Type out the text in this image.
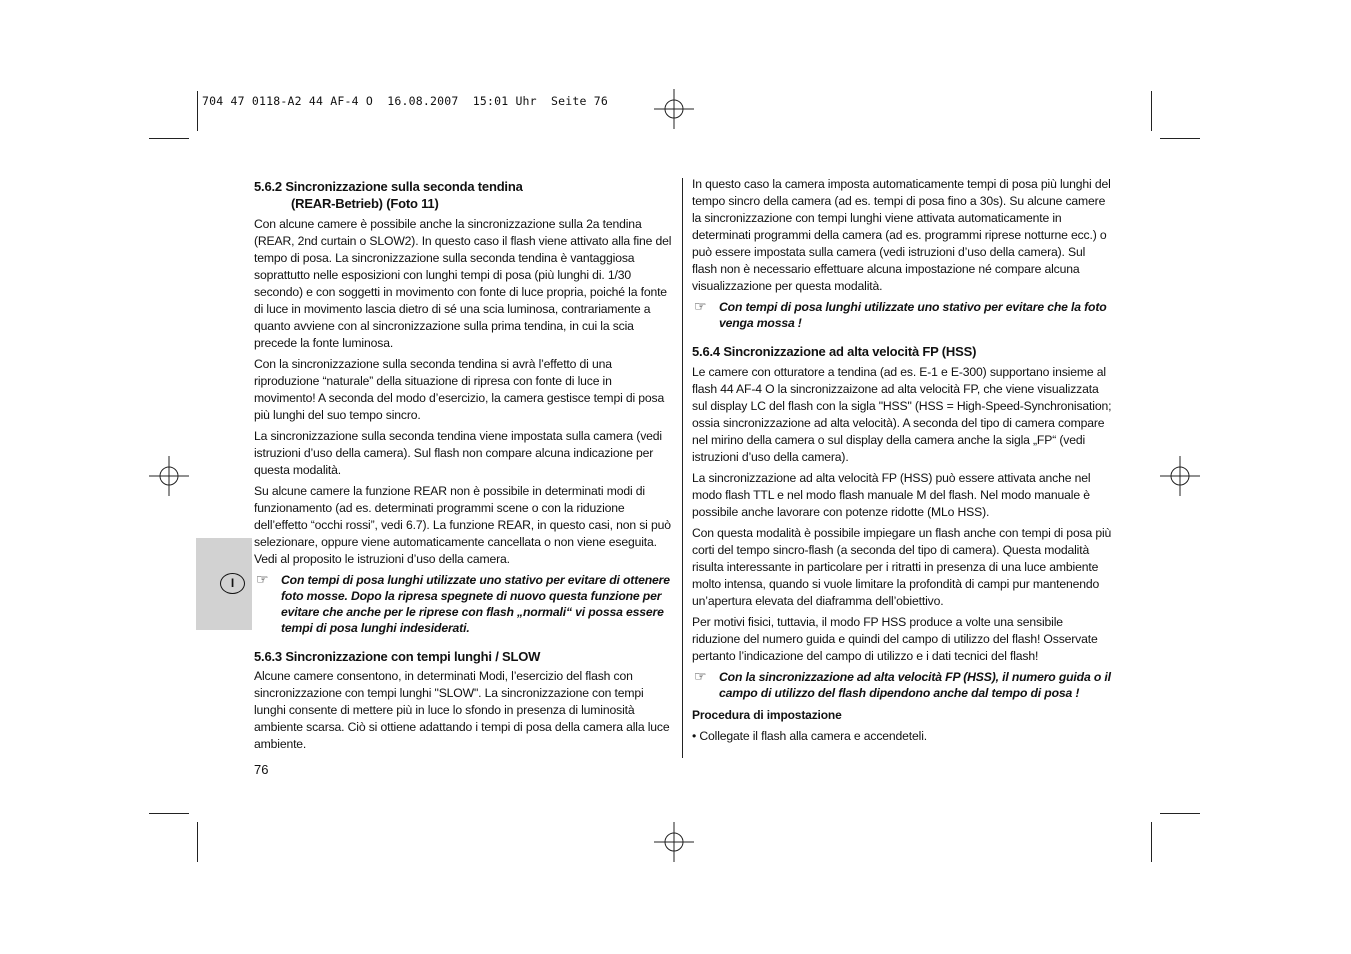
704 47 0118-A2 44 AF-4 O  16.08.2007  15:01 Uhr  Seite 76
I
5.6.2 Sincronizzazione sulla seconda tendina

(REAR-Betrieb) (Foto 11)

Con alcune camere è possibile anche la sincronizzazione sulla 2a tendina (REAR, 2nd curtain o SLOW2). In questo caso il flash viene attivato alla fine del tempo di posa. La sincronizzazione sulla seconda tendina è vantaggiosa soprattutto nelle esposizioni con lunghi tempi di posa (più lunghi di. 1/30 secondo) e con soggetti in movimento con fonte di luce propria, poiché la fonte di luce in movimento lascia dietro di sé una scia luminosa, contrariamente a quanto avviene con al sincronizzazione sulla prima tendina, in cui la scia precede la fonte luminosa.

Con la sincronizzazione sulla seconda tendina si avrà l’effetto di una riproduzione “naturale” della situazione di ripresa con fonte di luce in movimento! A seconda del modo d’esercizio, la camera gestisce tempi di posa più lunghi del suo tempo sincro.

La sincronizzazione sulla seconda tendina viene impostata sulla camera (vedi istruzioni d’uso della camera). Sul flash non compare alcuna indicazione per questa modalità.

Su alcune camere la funzione REAR non è possibile in determinati modi di funzionamento (ad es. determinati programmi scene o con la riduzione dell’effetto “occhi rossi”, vedi 6.7). La funzione REAR, in questo casi, non si può selezionare, oppure viene automaticamente cancellata o non viene eseguita. Vedi al proposito le istruzioni d’uso della camera.

☞ Con tempi di posa lunghi utilizzate uno stativo per evitare di ottenere foto mosse. Dopo la ripresa spegnete di nuovo questa funzione per evitare che anche per le riprese con flash „normali“ vi possa essere tempi di posa lunghi indesiderati.
5.6.3 Sincronizzazione con tempi lunghi / SLOW

Alcune camere consentono, in determinati Modi, l’esercizio del flash con sincronizzazione con tempi lunghi "SLOW". La sincronizzazione con tempi lunghi consente di mettere più in luce lo sfondo in presenza di luminosità ambiente scarsa. Ciò si ottiene adattando i tempi di posa della camera alla luce ambiente.

In questo caso la camera imposta automaticamente tempi di posa più lunghi del tempo sincro della camera (ad es. tempi di posa fino a 30s). Su alcune camere la sincronizzazione con tempi lunghi viene attivata automaticamente in determinati programmi della camera (ad es. programmi riprese notturne ecc.) o può essere impostata sulla camera (vedi istruzioni d’uso della camera). Sul flash non è necessario effettuare alcuna impostazione né compare alcuna visualizzazione per questa modalità.

☞ Con tempi di posa lunghi utilizzate uno stativo per evitare che la foto venga mossa !
5.6.4 Sincronizzazione ad alta velocità FP (HSS)

Le camere con otturatore a tendina (ad es. E-1 e E-300) supportano insieme al flash 44 AF-4 O la sincronizzaizone ad alta velocità FP, che viene visualizzata sul display LC del flash con la sigla "HSS" (HSS = High-Speed-Synchronisation; ossia sincronizzazione ad alta velocità). A seconda del tipo di camera compare nel mirino della camera o sul display della camera anche la sigla „FP“ (vedi istruzioni d’uso della camera).

La sincronizzazione ad alta velocità FP (HSS) può essere attivata anche nel modo flash TTL e nel modo flash manuale M del flash. Nel modo manuale è possibile anche lavorare con potenze ridotte (MLo HSS).

Con questa modalità è possibile impiegare un flash anche con tempi di posa più corti del tempo sincro-flash (a seconda del tipo di camera). Questa modalità risulta interessante in particolare per i ritratti in presenza di una luce ambiente molto intensa, quando si vuole limitare la profondità di campi pur mantenendo un’apertura elevata del diaframma dell’obiettivo.

Per motivi fisici, tuttavia, il modo FP HSS produce a volte una sensibile riduzione del numero guida e quindi del campo di utilizzo del flash! Osservate pertanto l’indicazione del campo di utilizzo e i dati tecnici del flash!

☞ Con la sincronizzazione ad alta velocità FP (HSS), il numero guida o il campo di utilizzo del flash dipendono anche dal tempo di posa !
Procedura di impostazione

• Collegate il flash alla camera e accendeteli.

76
